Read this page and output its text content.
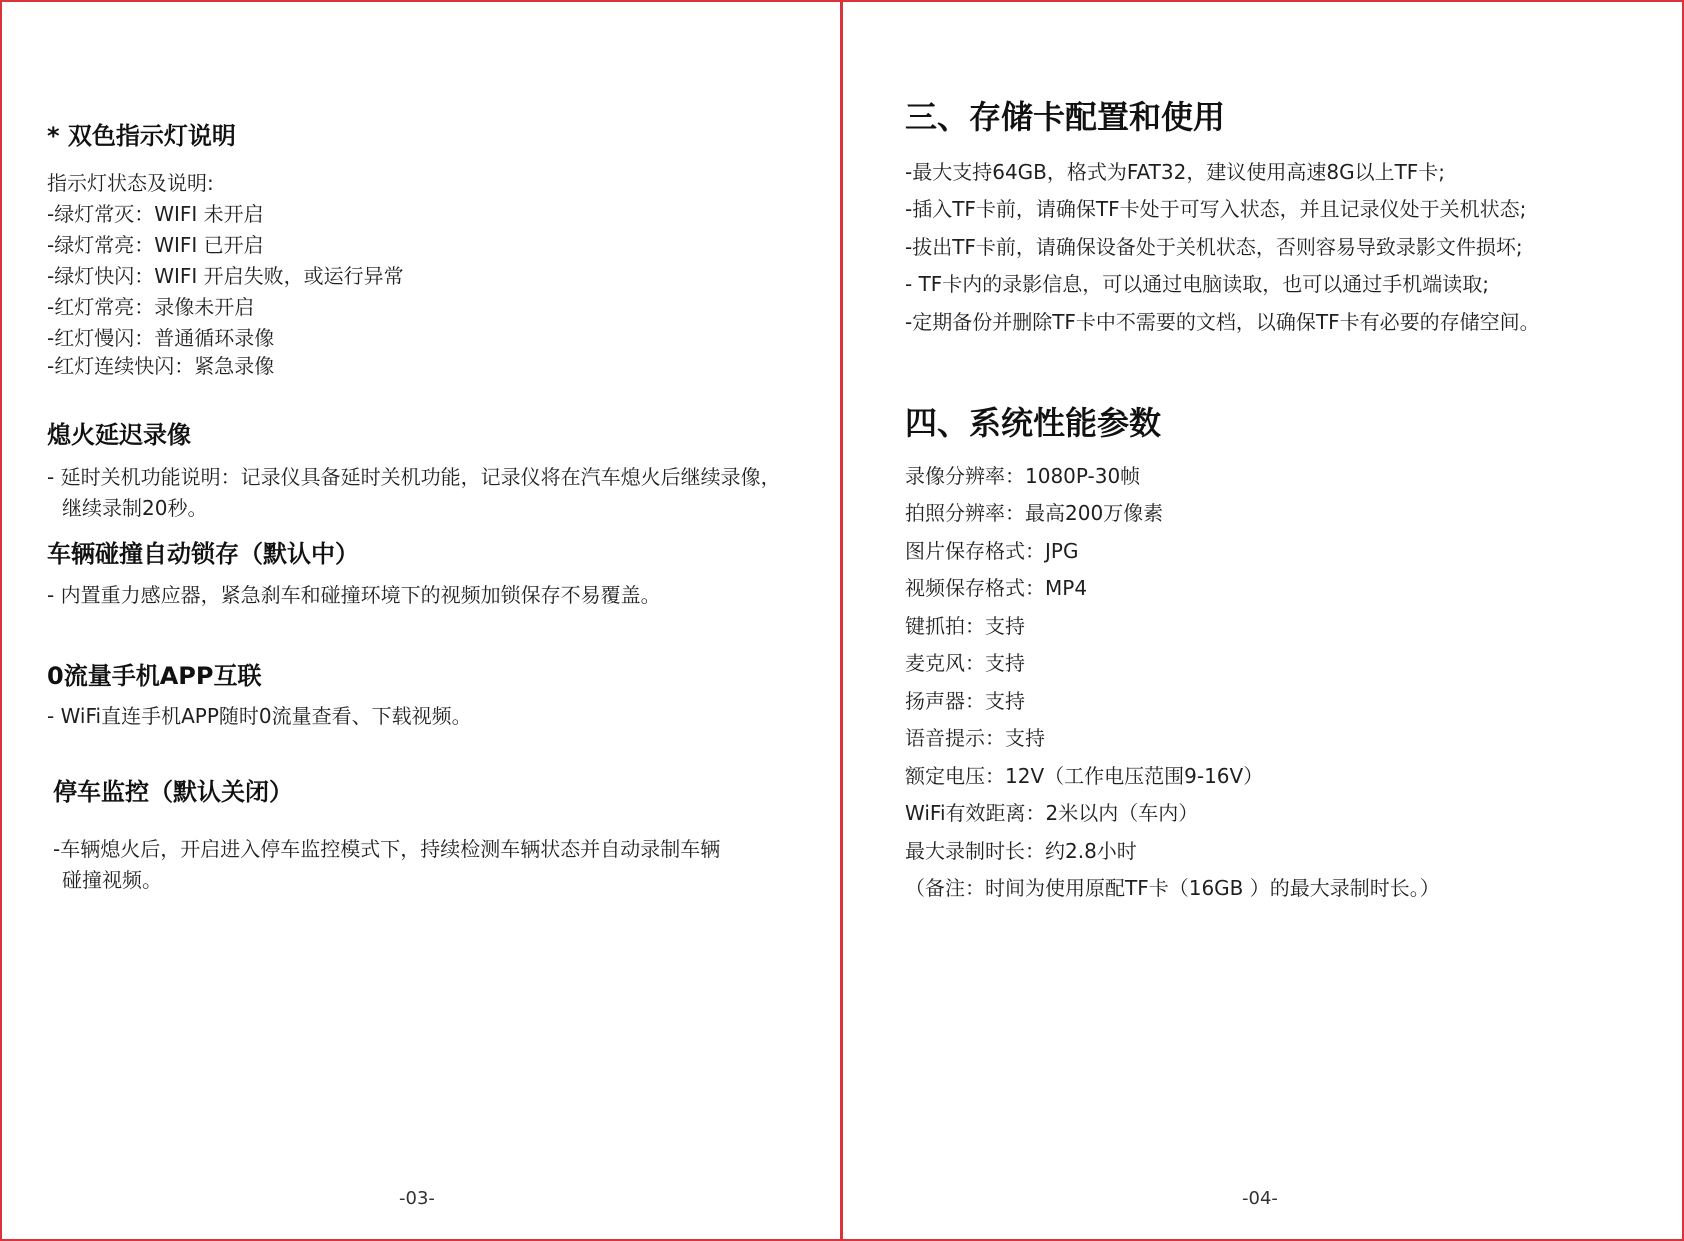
* 双色指示灯说明
指示灯状态及说明:
-绿灯常灭：WIFI 未开启
-绿灯常亮：WIFI 已开启
-绿灯快闪：WIFI 开启失败，或运行异常
-红灯常亮：录像未开启
-红灯慢闪：普通循环录像
-红灯连续快闪：紧急录像
熄火延迟录像
- 延时关机功能说明：记录仪具备延时关机功能，记录仪将在汽车熄火后继续录像，
继续录制20秒。
车辆碰撞自动锁存（默认中）
- 内置重力感应器，紧急刹车和碰撞环境下的视频加锁保存不易覆盖。
0流量手机APP互联
- WiFi直连手机APP随时0流量查看、下载视频。
停车监控（默认关闭）
-车辆熄火后，开启进入停车监控模式下，持续检测车辆状态并自动录制车辆
碰撞视频。
-03-
三、存储卡配置和使用
-最大支持64GB，格式为FAT32，建议使用高速8G以上TF卡;
-插入TF卡前，请确保TF卡处于可写入状态，并且记录仪处于关机状态;
-拔出TF卡前，请确保设备处于关机状态，否则容易导致录影文件损坏;
- TF卡内的录影信息，可以通过电脑读取，也可以通过手机端读取;
-定期备份并删除TF卡中不需要的文档，以确保TF卡有必要的存储空间。
四、系统性能参数
录像分辨率：1080P-30帧
拍照分辨率：最高200万像素
图片保存格式：JPG
视频保存格式：MP4
键抓拍：支持
麦克风：支持
扬声器：支持
语音提示：支持
额定电压：12V（工作电压范围9-16V）
WiFi有效距离：2米以内（车内）
最大录制时长：约2.8小时
（备注：时间为使用原配TF卡（16GB ）的最大录制时长。）
-04-
